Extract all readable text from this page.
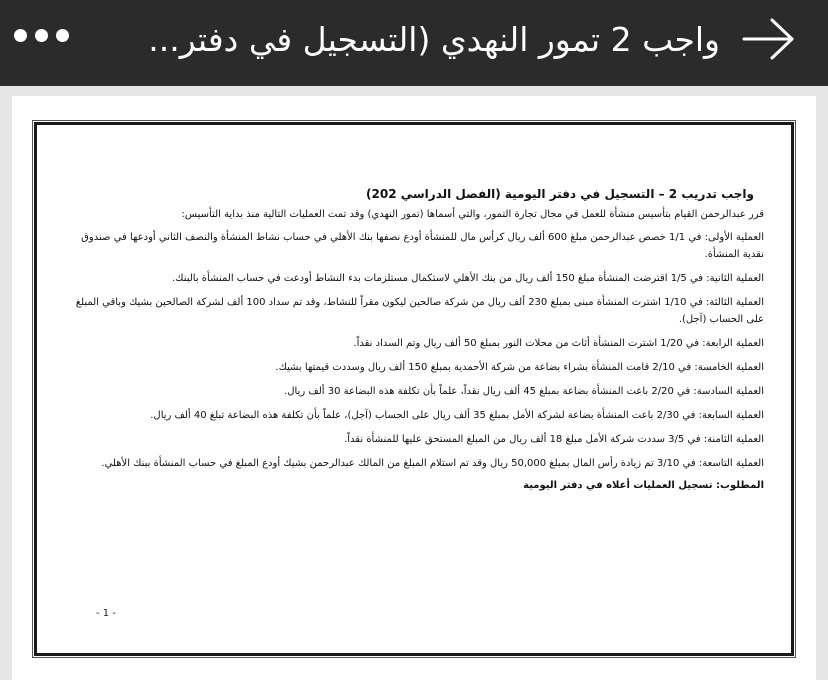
واجب 2 تمور النهدي (التسجيل في دفتر...
واجب تدريب 2 – التسجيل في دفتر اليومية (الفصل الدراسي 202)
قرر عبدالرحمن القيام بتأسيس منشأة للعمل في مجال تجارة التمور، والتي أسماها (تمور النهدي) وقد تمت العمليات التالية منذ بداية التأسيس:
العملية الأولى: في 1/1 خصص عبدالرحمن مبلغ 600 ألف ريال كرأس مال للمنشأة أودع نصفها بنك الأهلي في حساب نشاط المنشأة والنصف الثاني أودعها في صندوق نقدية المنشأة.
العملية الثانية: في 1/5 اقترضت المنشأة مبلغ 150 ألف ريال من بنك الأهلي لاستكمال مستلزمات بدء النشاط أودعت في حساب المنشأة بالبنك.
العملية الثالثة: في 1/10 اشترت المنشأة مبنى بمبلغ 230 ألف ريال من شركة صالحين ليكون مقراً للنشاط، وقد تم سداد 100 ألف لشركة الصالحين بشيك وباقي المبلغ على الحساب (آجل).
العملية الرابعة: في 1/20 اشترت المنشأة أثاث من محلات النور بمبلغ 50 ألف ريال وتم السداد نقداً.
العملية الخامسة: في 2/10 قامت المنشأة بشراء بضاعة من شركة الأحمدية بمبلغ 150 ألف ريال وسددت قيمتها بشيك.
العملية السادسة: في 2/20 باعت المنشأة بضاعة بمبلغ 45 ألف ريال نقداً، علماً بأن تكلفة هذه البضاعة 30 ألف ريال.
العملية السابعة: في 2/30 باعت المنشأة بضاعة لشركة الأمل بمبلغ 35 ألف ريال على الحساب (آجل)، علماً بأن تكلفة هذه البضاعة تبلغ 40 ألف ريال.
العملية الثامنة: في 3/5 سددت شركة الأمل مبلغ 18 ألف ريال من المبلغ المستحق عليها للمنشأة نقداً.
العملية التاسعة: في 3/10 تم زيادة رأس المال بمبلغ 50,000 ريال وقد تم استلام المبلغ من المالك عبدالرحمن بشيك أودع المبلغ في حساب المنشأة ببنك الأهلي.
المطلوب: تسجيل العمليات أعلاه في دفتر اليومية
- 1 -
